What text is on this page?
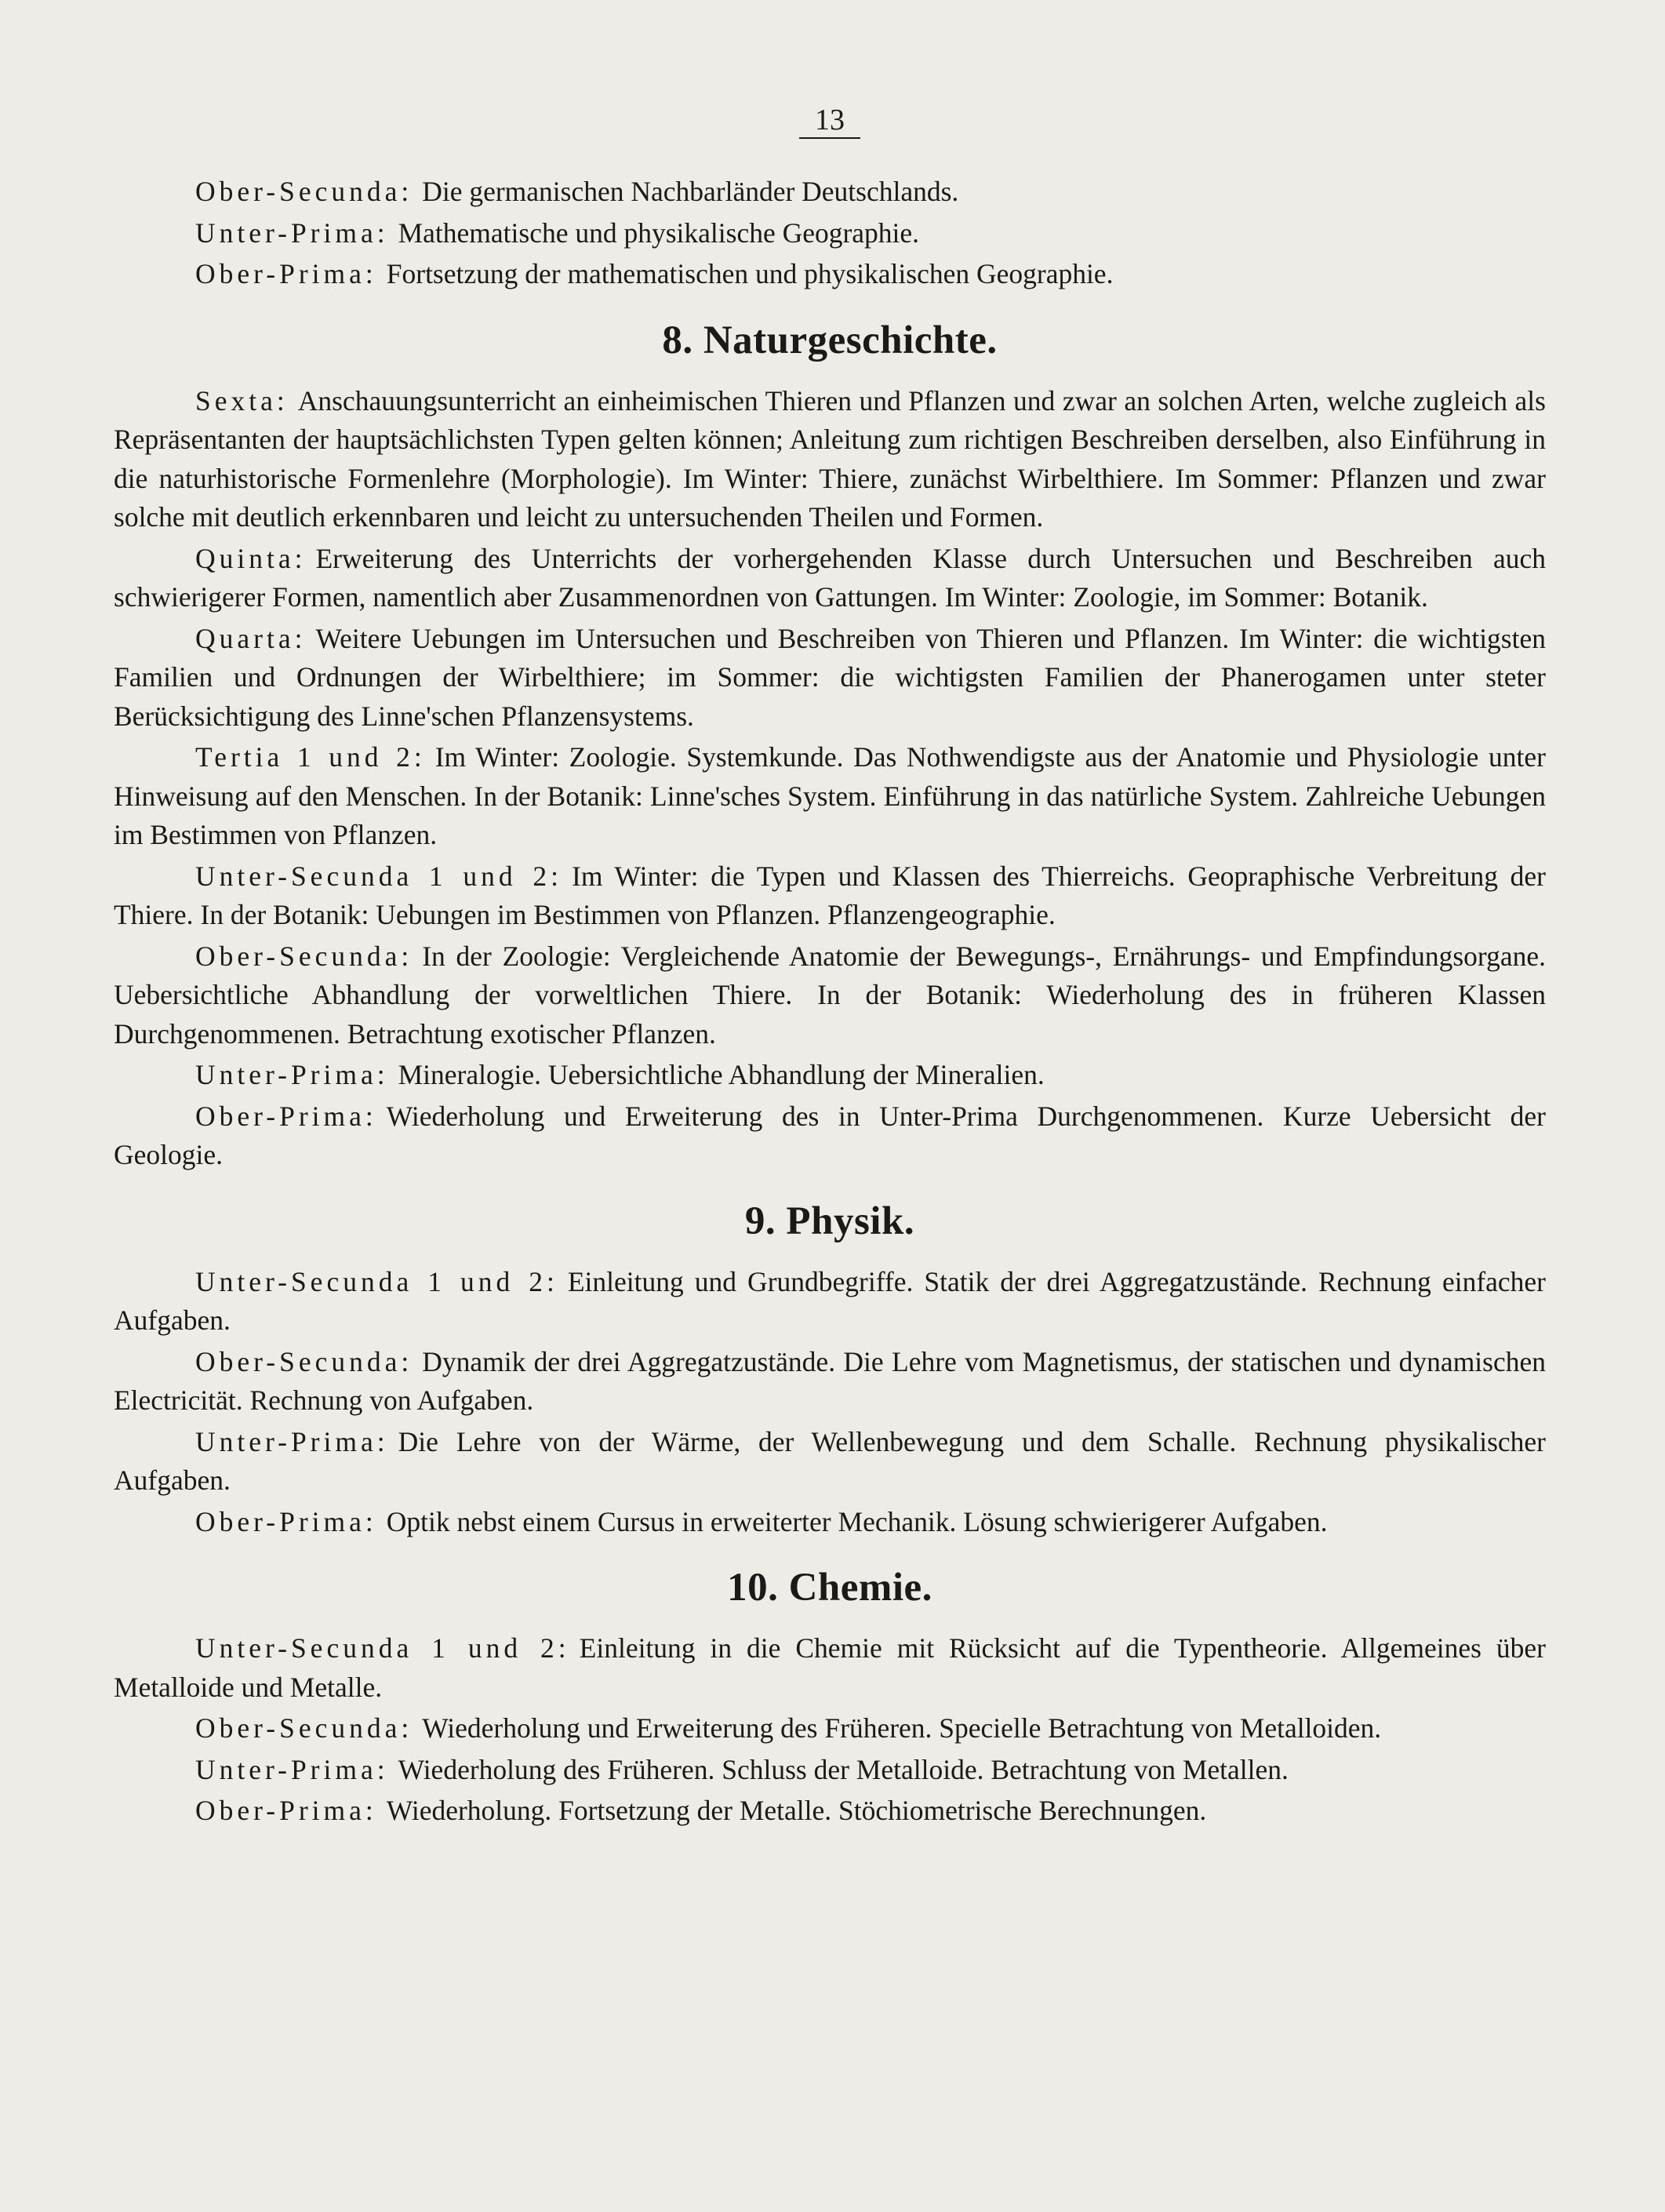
13

Ober-Secunda: Die germanischen Nachbarländer Deutschlands.

Unter-Prima: Mathematische und physikalische Geographie.

Ober-Prima: Fortsetzung der mathematischen und physikalischen Geographie.

8. Naturgeschichte.

Sexta: Anschauungsunterricht an einheimischen Thieren und Pflanzen und zwar an solchen Arten, welche zugleich als Repräsentanten der hauptsächlichsten Typen gelten können; Anleitung zum richtigen Beschreiben derselben, also Einführung in die naturhistorische Formenlehre (Morphologie). Im Winter: Thiere, zunächst Wirbelthiere. Im Sommer: Pflanzen und zwar solche mit deutlich erkennbaren und leicht zu untersuchenden Theilen und Formen.

Quinta: Erweiterung des Unterrichts der vorhergehenden Klasse durch Untersuchen und Beschreiben auch schwierigerer Formen, namentlich aber Zusammenordnen von Gattungen. Im Winter: Zoologie, im Sommer: Botanik.

Quarta: Weitere Uebungen im Untersuchen und Beschreiben von Thieren und Pflanzen. Im Winter: die wichtigsten Familien und Ordnungen der Wirbelthiere; im Sommer: die wichtigsten Familien der Phanerogamen unter steter Berücksichtigung des Linne'schen Pflanzensystems.

Tertia 1 und 2: Im Winter: Zoologie. Systemkunde. Das Nothwendigste aus der Anatomie und Physiologie unter Hinweisung auf den Menschen. In der Botanik: Linne'sches System. Einführung in das natürliche System. Zahlreiche Uebungen im Bestimmen von Pflanzen.

Unter-Secunda 1 und 2: Im Winter: die Typen und Klassen des Thierreichs. Geopraphische Verbreitung der Thiere. In der Botanik: Uebungen im Bestimmen von Pflanzen. Pflanzengeographie.

Ober-Secunda: In der Zoologie: Vergleichende Anatomie der Bewegungs-, Ernährungs- und Empfindungsorgane. Uebersichtliche Abhandlung der vorweltlichen Thiere. In der Botanik: Wiederholung des in früheren Klassen Durchgenommenen. Betrachtung exotischer Pflanzen.

Unter-Prima: Mineralogie. Uebersichtliche Abhandlung der Mineralien.

Ober-Prima: Wiederholung und Erweiterung des in Unter-Prima Durchgenommenen. Kurze Uebersicht der Geologie.

9. Physik.

Unter-Secunda 1 und 2: Einleitung und Grundbegriffe. Statik der drei Aggregatzustände. Rechnung einfacher Aufgaben.

Ober-Secunda: Dynamik der drei Aggregatzustände. Die Lehre vom Magnetismus, der statischen und dynamischen Electricität. Rechnung von Aufgaben.

Unter-Prima: Die Lehre von der Wärme, der Wellenbewegung und dem Schalle. Rechnung physikalischer Aufgaben.

Ober-Prima: Optik nebst einem Cursus in erweiterter Mechanik. Lösung schwierigerer Aufgaben.

10. Chemie.

Unter-Secunda 1 und 2: Einleitung in die Chemie mit Rücksicht auf die Typentheorie. Allgemeines über Metalloide und Metalle.

Ober-Secunda: Wiederholung und Erweiterung des Früheren. Specielle Betrachtung von Metalloiden.

Unter-Prima: Wiederholung des Früheren. Schluss der Metalloide. Betrachtung von Metallen.

Ober-Prima: Wiederholung. Fortsetzung der Metalle. Stöchiometrische Berechnungen.
